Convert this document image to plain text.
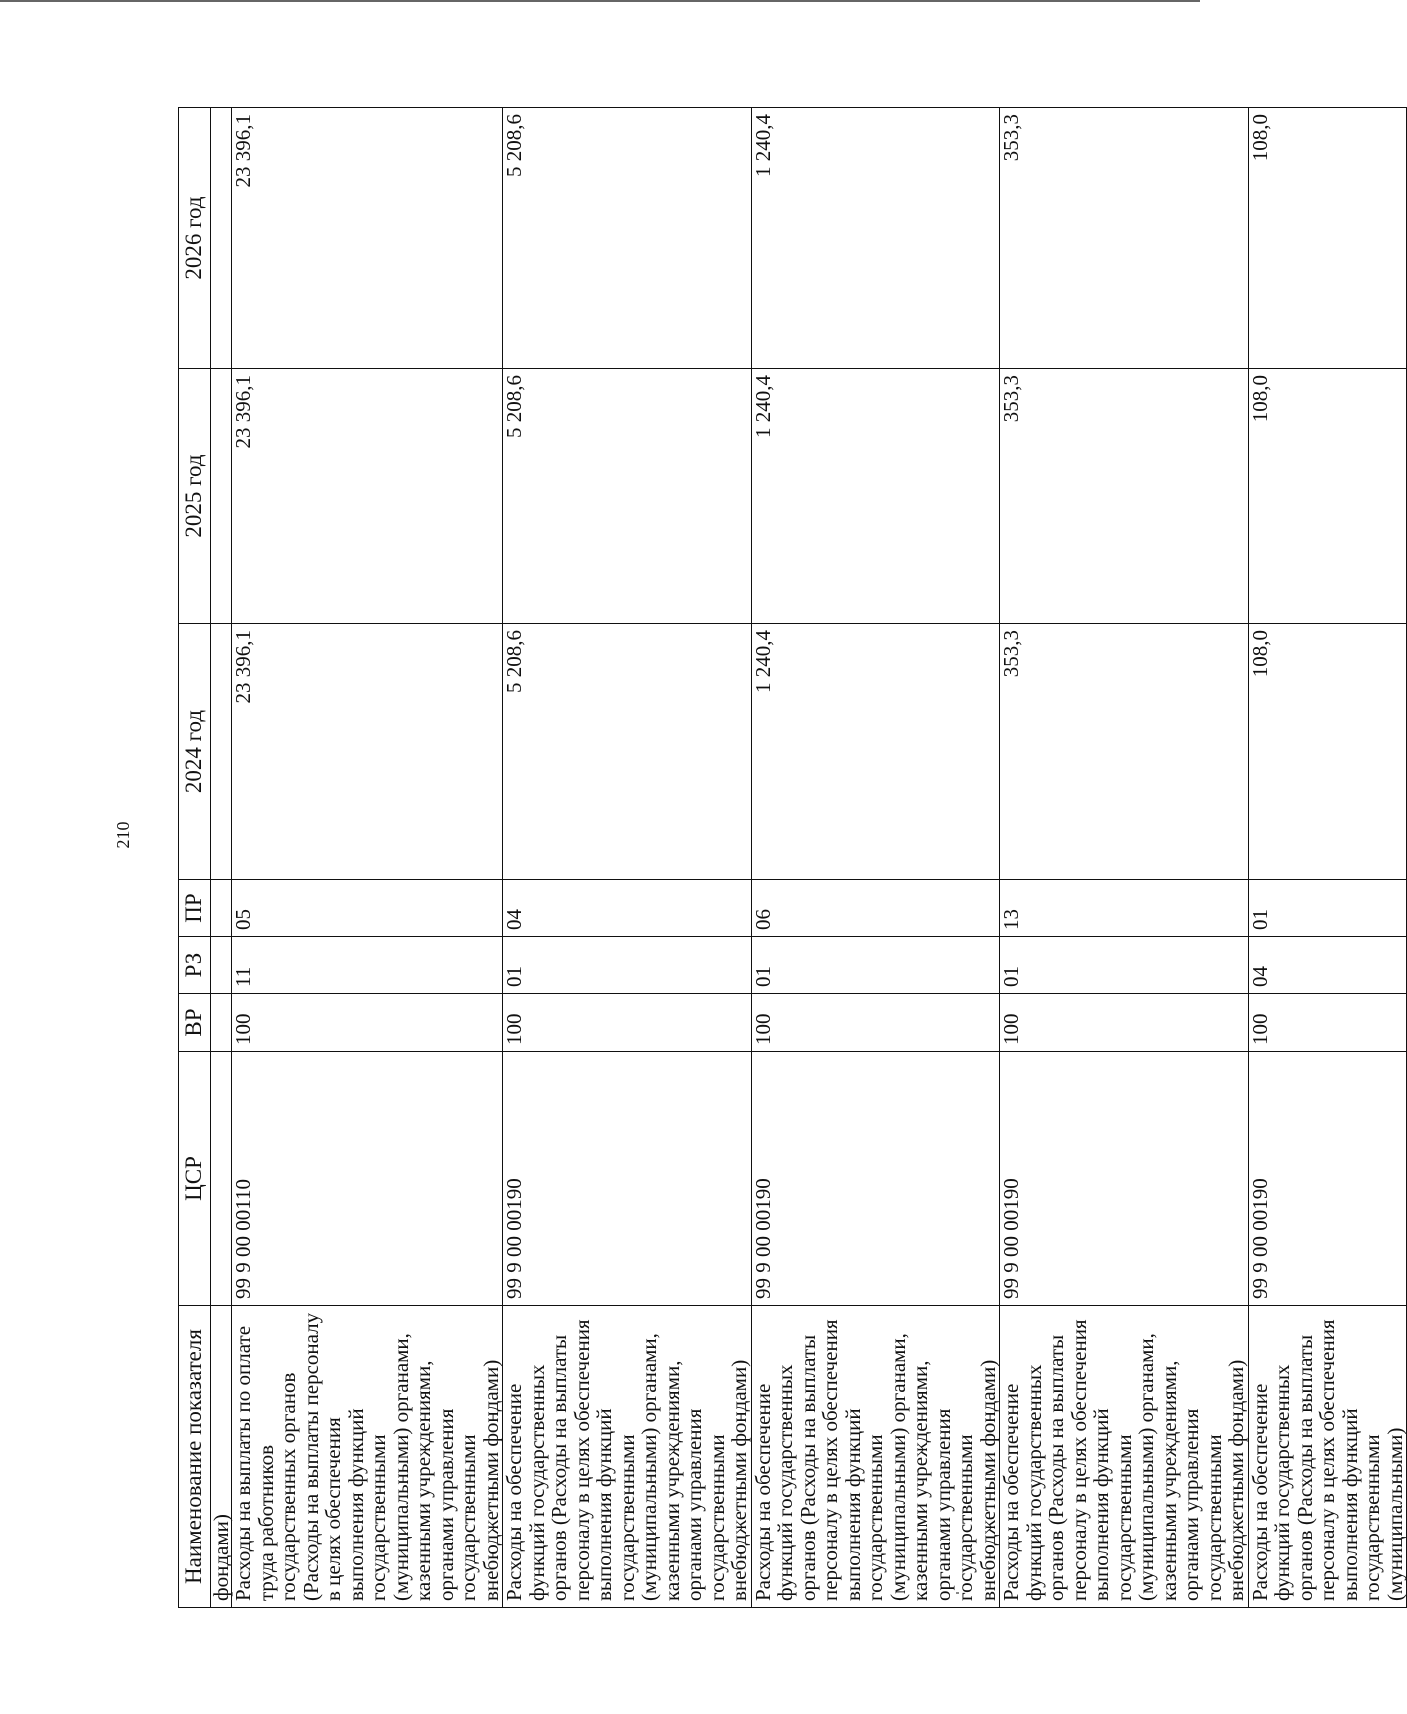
210
Наименование показателя	ЦСР	ВР	РЗ	ПР	2024 год	2025 год	2026 год
фондами)							
Расходы на выплаты по оплате труда работников государственных органов (Расходы на выплаты персоналу в целях обеспечения выполнения функций государственными (муниципальными) органами, казенными учреждениями, органами управления государственными внебюджетными фондами)	99 9 00 00110	100	11	05	23 396,1	23 396,1	23 396,1
Расходы на обеспечение функций государственных органов (Расходы на выплаты персоналу в целях обеспечения выполнения функций государственными (муниципальными) органами, казенными учреждениями, органами управления государственными внебюджетными фондами)	99 9 00 00190	100	01	04	5 208,6	5 208,6	5 208,6
Расходы на обеспечение функций государственных органов (Расходы на выплаты персоналу в целях обеспечения выполнения функций государственными (муниципальными) органами, казенными учреждениями, органами управления государственными внебюджетными фондами)	99 9 00 00190	100	01	06	1 240,4	1 240,4	1 240,4
Расходы на обеспечение функций государственных органов (Расходы на выплаты персоналу в целях обеспечения выполнения функций государственными (муниципальными) органами, казенными учреждениями, органами управления государственными внебюджетными фондами)	99 9 00 00190	100	01	13	353,3	353,3	353,3
Расходы на обеспечение функций государственных органов (Расходы на выплаты персоналу в целях обеспечения выполнения функций государственными (муниципальными)	99 9 00 00190	100	04	01	108,0	108,0	108,0
